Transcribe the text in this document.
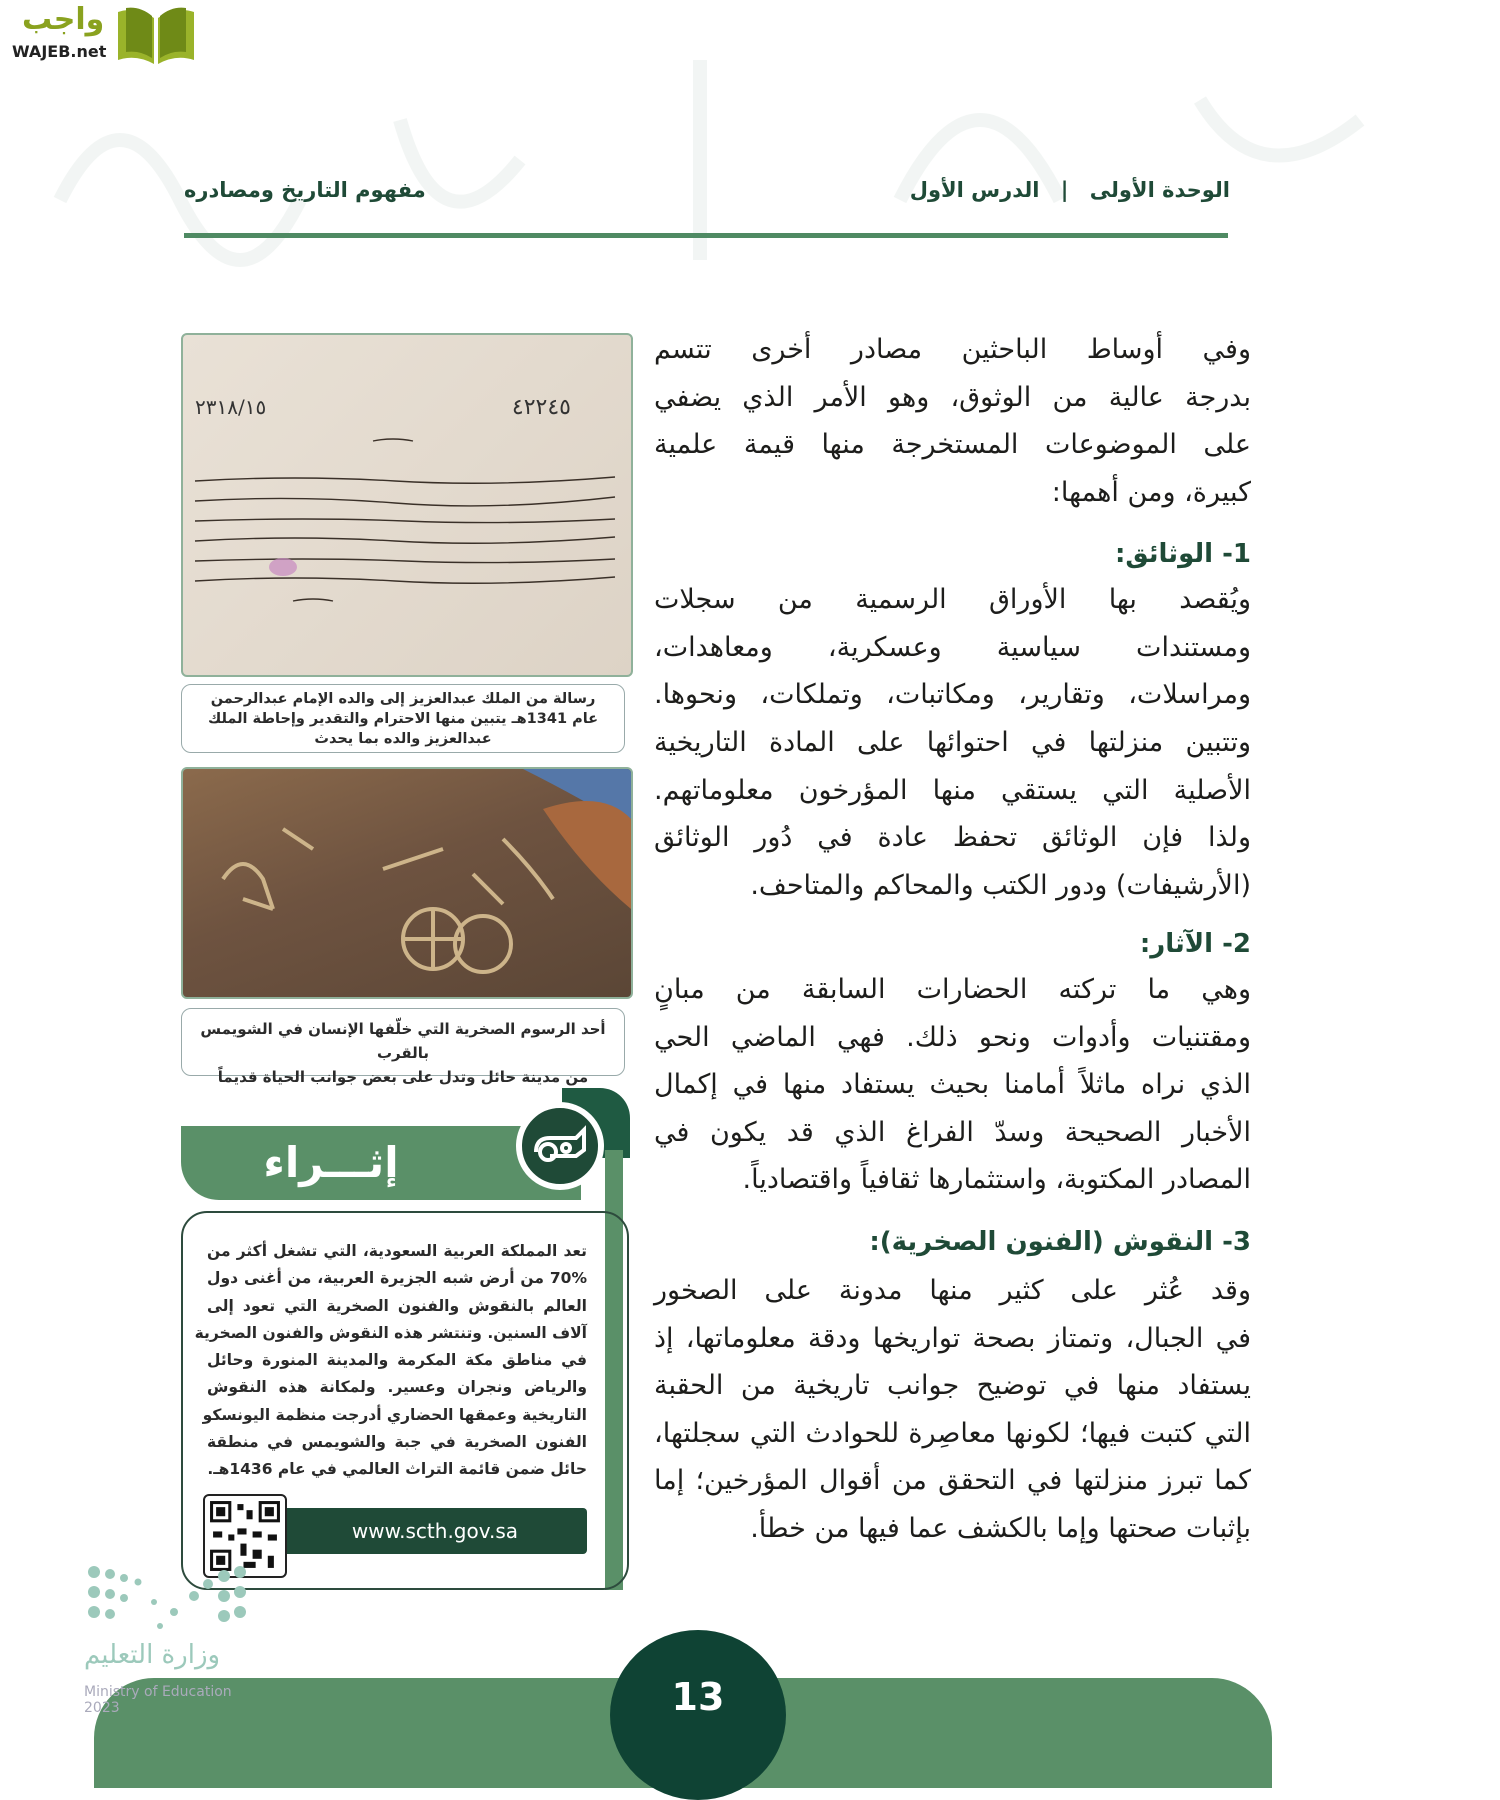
واجب
WAJEB.net
الوحدة الأولى | الدرس الأول
مفهوم التاريخ ومصادره
وفي أوساط الباحثين مصادر أخرى تتسم
بدرجة عالية من الوثوق، وهو الأمر الذي يضفي
على الموضوعات المستخرجة منها قيمة علمية
كبيرة، ومن أهمها:
1- الوثائق:
ويُقصد بها الأوراق الرسمية من سجلات
ومستندات سياسية وعسكرية، ومعاهدات،
ومراسلات، وتقارير، ومكاتبات، وتملكات، ونحوها.
وتتبين منزلتها في احتوائها على المادة التاريخية
الأصلية التي يستقي منها المؤرخون معلوماتهم.
ولذا فإن الوثائق تحفظ عادة في دُور الوثائق
(الأرشيفات) ودور الكتب والمحاكم والمتاحف.
2- الآثار:
وهي ما تركته الحضارات السابقة من مبانٍ
ومقتنيات وأدوات ونحو ذلك. فهي الماضي الحي
الذي نراه ماثلاً أمامنا بحيث يستفاد منها في إكمال
الأخبار الصحيحة وسدّ الفراغ الذي قد يكون في
المصادر المكتوبة، واستثمارها ثقافياً واقتصادياً.
3- النقوش (الفنون الصخرية):
وقد عُثر على كثير منها مدونة على الصخور
في الجبال، وتمتاز بصحة تواريخها ودقة معلوماتها، إذ
يستفاد منها في توضيح جوانب تاريخية من الحقبة
التي كتبت فيها؛ لكونها معاصِرة للحوادث التي سجلتها،
كما تبرز منزلتها في التحقق من أقوال المؤرخين؛ إما
بإثبات صحتها وإما بالكشف عما فيها من خطأ.
٤٢٢٤٥
٢٣١٨/١٥
رسالة من الملك عبدالعزيز إلى والده الإمام عبدالرحمن
عام 1341هـ يتبين منها الاحترام والتقدير وإحاطة الملك
عبدالعزيز والده بما يحدث
أحد الرسوم الصخرية التي خلّفها الإنسان في الشويمس بالقرب
من مدينة حائل وتدل على بعض جوانب الحياة قديماً
إثـــراء
تعد المملكة العربية السعودية، التي تشغل أكثر من
70% من أرض شبه الجزيرة العربية، من أغنى دول
العالم بالنقوش والفنون الصخرية التي تعود إلى
آلاف السنين. وتنتشر هذه النقوش والفنون الصخرية
في مناطق مكة المكرمة والمدينة المنورة وحائل
والرياض ونجران وعسير. ولمكانة هذه النقوش
التاريخية وعمقها الحضاري أدرجت منظمة اليونسكو
الفنون الصخرية في جبة والشويمس في منطقة
حائل ضمن قائمة التراث العالمي في عام 1436هـ.
www.scth.gov.sa
وزارة التعليم
Ministry of Education
2023	13
